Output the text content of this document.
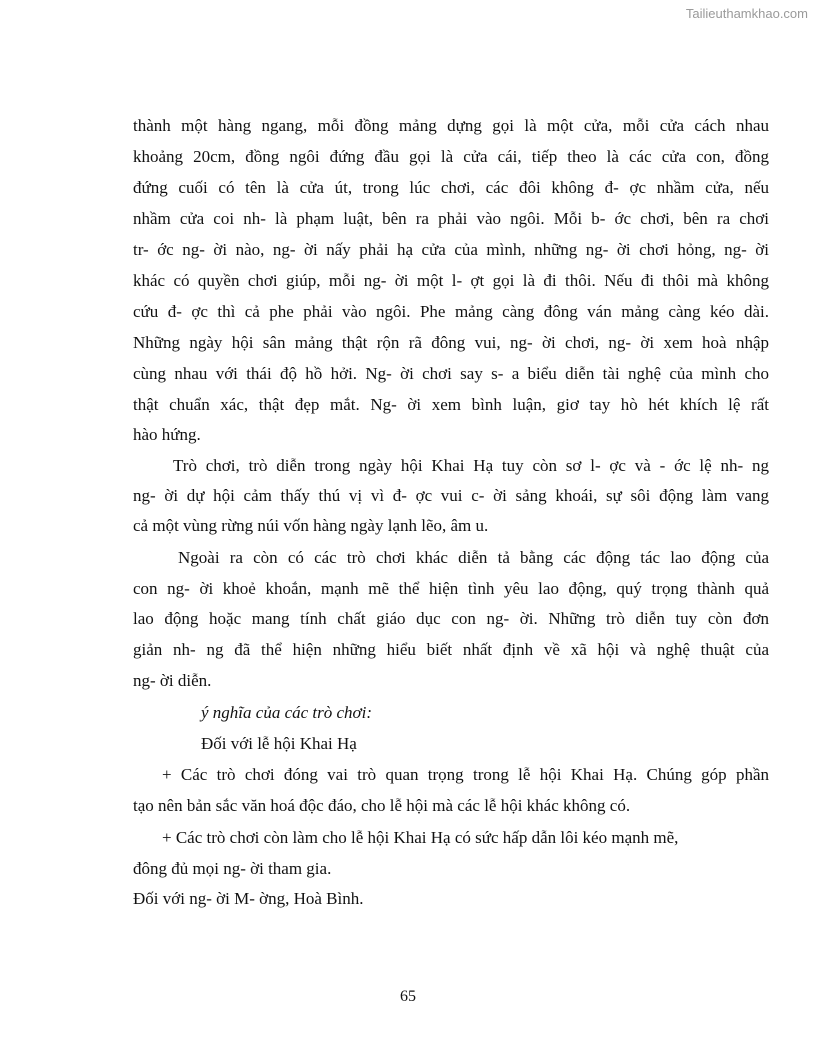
Tailieuthamkhao.com
thành một hàng ngang, mỗi đồng mảng dựng gọi là một cửa, mỗi cửa cách nhau
khoảng 20cm, đồng ngôi đứng đầu gọi là cửa cái, tiếp theo là các cửa con, đồng
đứng cuối có tên là cửa út, trong lúc chơi, các đôi không đ- ợc nhầm cửa, nếu
nhầm cửa coi nh- là phạm luật, bên ra phải vào ngôi. Mỗi b- ớc chơi, bên ra chơi
tr- ớc ng- ời nào, ng- ời nấy phải hạ cửa của mình, những ng- ời chơi hỏng, ng- ời
khác có quyền chơi giúp, mỗi ng- ời một l- ợt gọi là đi thôi. Nếu đi thôi mà không
cứu đ- ợc thì cả phe phải vào ngôi. Phe mảng càng đông ván mảng càng kéo dài.
Những ngày hội sân mảng thật rộn rã đông vui, ng- ời chơi, ng- ời xem hoà nhập
cùng nhau với thái độ hồ hởi. Ng- ời chơi say s- a biểu diễn tài nghệ của mình cho
thật chuẩn xác, thật đẹp mắt. Ng- ời xem bình luận, giơ tay hò hét khích lệ rất
hào hứng.
Trò chơi, trò diễn trong ngày hội Khai Hạ tuy còn sơ l- ợc và - ớc lệ nh- ng
ng- ời dự hội cảm thấy thú vị vì đ- ợc vui c- ời sảng khoái, sự sôi động làm vang
cả một vùng rừng núi vốn hàng ngày lạnh lẽo, âm u.
Ngoài ra còn có các trò chơi khác diễn tả bằng các động tác lao động của
con ng- ời khoẻ khoắn, mạnh mẽ thể hiện tình yêu lao động, quý trọng thành quả
lao động hoặc mang tính chất giáo dục con ng- ời. Những trò diễn tuy còn đơn
giản nh- ng đã thể hiện những hiểu biết nhất định về xã hội và nghệ thuật của
ng- ời diễn.
ý nghĩa của các trò chơi:
Đối với lễ hội Khai Hạ
+ Các trò chơi đóng vai trò quan trọng trong lễ hội Khai Hạ. Chúng góp phần
tạo nên bản sắc văn hoá độc đáo, cho lễ hội mà các lễ hội khác không có.
+ Các trò chơi còn làm cho lễ hội Khai Hạ có sức hấp dẫn lôi kéo mạnh mẽ,
đông đủ mọi ng- ời tham gia.
Đối với ng- ời M- ờng, Hoà Bình.
65
